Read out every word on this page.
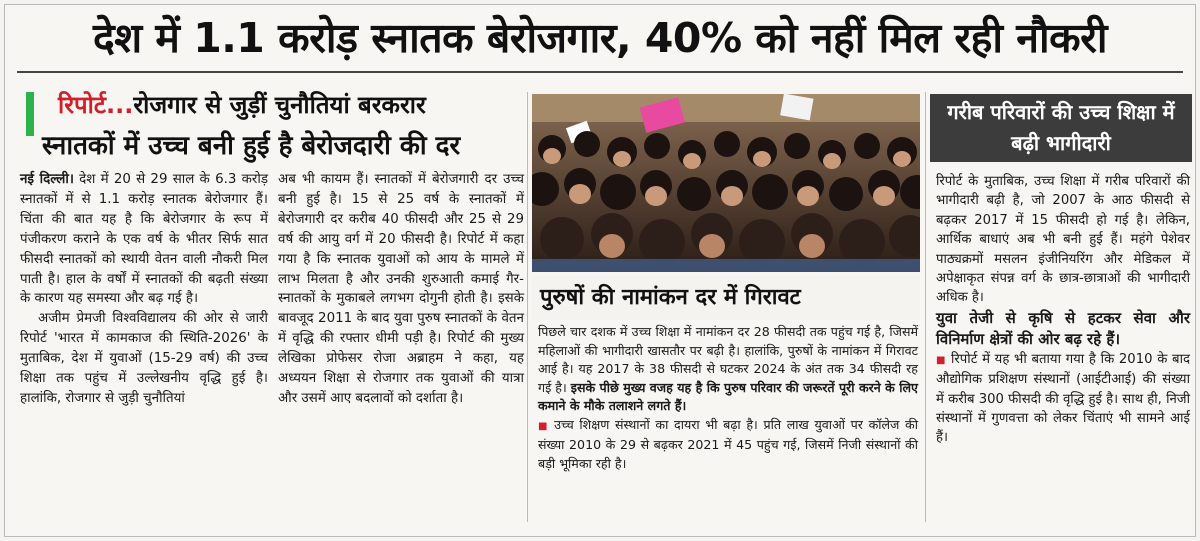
देश में 1.1 करोड़ स्नातक बेरोजगार, 40% को नहीं मिल रही नौकरी
रिपोर्ट...रोजगार से जुड़ीं चुनौतियां बरकरार
स्नातकों में उच्च बनी हुई है बेरोजदारी की दर

नई दिल्ली। देश में 20 से 29 साल के 6.3 करोड़ स्नातकों में से 1.1 करोड़ स्नातक बेरोजगार हैं। चिंता की बात यह है कि बेरोजगार के रूप में पंजीकरण कराने के एक वर्ष के भीतर सिर्फ सात फीसदी स्नातकों को स्थायी वेतन वाली नौकरी मिल पाती है। हाल के वर्षों में स्नातकों की बढ़ती संख्या के कारण यह समस्या और बढ़ गई है।

अजीम प्रेमजी विश्वविद्यालय की ओर से जारी रिपोर्ट 'भारत में कामकाज की स्थिति-2026' के मुताबिक, देश में युवाओं (15-29 वर्ष) की उच्च शिक्षा तक पहुंच में उल्लेखनीय वृद्धि हुई है। हालांकि, रोजगार से जुड़ी चुनौतियां

अब भी कायम हैं। स्नातकों में बेरोजगारी दर उच्च बनी हुई है। 15 से 25 वर्ष के स्नातकों में बेरोजगारी दर करीब 40 फीसदी और 25 से 29 वर्ष की आयु वर्ग में 20 फीसदी है। रिपोर्ट में कहा गया है कि स्नातक युवाओं को आय के मामले में लाभ मिलता है और उनकी शुरुआती कमाई गैर-स्नातकों के मुकाबले लगभग दोगुनी होती है। इसके बावजूद 2011 के बाद युवा पुरुष स्नातकों के वेतन में वृद्धि की रफ्तार धीमी पड़ी है। रिपोर्ट की मुख्य लेखिका प्रोफेसर रोजा अब्राहम ने कहा, यह अध्ययन शिक्षा से रोजगार तक युवाओं की यात्रा और उसमें आए बदलावों को दर्शाता है।

पुरुषों की नामांकन दर में गिरावट

पिछले चार दशक में उच्च शिक्षा में नामांकन दर 28 फीसदी तक पहुंच गई है, जिसमें महिलाओं की भागीदारी खासतौर पर बढ़ी है। हालांकि, पुरुषों के नामांकन में गिरावट आई है। यह 2017 के 38 फीसदी से घटकर 2024 के अंत तक 34 फीसदी रह गई है। इसके पीछे मुख्य वजह यह है कि पुरुष परिवार की जरूरतें पूरी करने के लिए कमाने के मौके तलाशने लगते हैं।

■ उच्च शिक्षण संस्थानों का दायरा भी बढ़ा है। प्रति लाख युवाओं पर कॉलेज की संख्या 2010 के 29 से बढ़कर 2021 में 45 पहुंच गई, जिसमें निजी संस्थानों की बड़ी भूमिका रही है।

गरीब परिवारों की उच्च शिक्षा में बढ़ी भागीदारी

रिपोर्ट के मुताबिक, उच्च शिक्षा में गरीब परिवारों की भागीदारी बढ़ी है, जो 2007 के आठ फीसदी से बढ़कर 2017 में 15 फीसदी हो गई है। लेकिन, आर्थिक बाधाएं अब भी बनी हुई हैं। महंगे पेशेवर पाठ्यक्रमों मसलन इंजीनियरिंग और मेडिकल में अपेक्षाकृत संपन्न वर्ग के छात्र-छात्राओं की भागीदारी अधिक है।

युवा तेजी से कृषि से हटकर सेवा और विनिर्माण क्षेत्रों की ओर बढ़ रहे हैं।

■ रिपोर्ट में यह भी बताया गया है कि 2010 के बाद औद्योगिक प्रशिक्षण संस्थानों (आईटीआई) की संख्या में करीब 300 फीसदी की वृद्धि हुई है। साथ ही, निजी संस्थानों में गुणवत्ता को लेकर चिंताएं भी सामने आई हैं।
